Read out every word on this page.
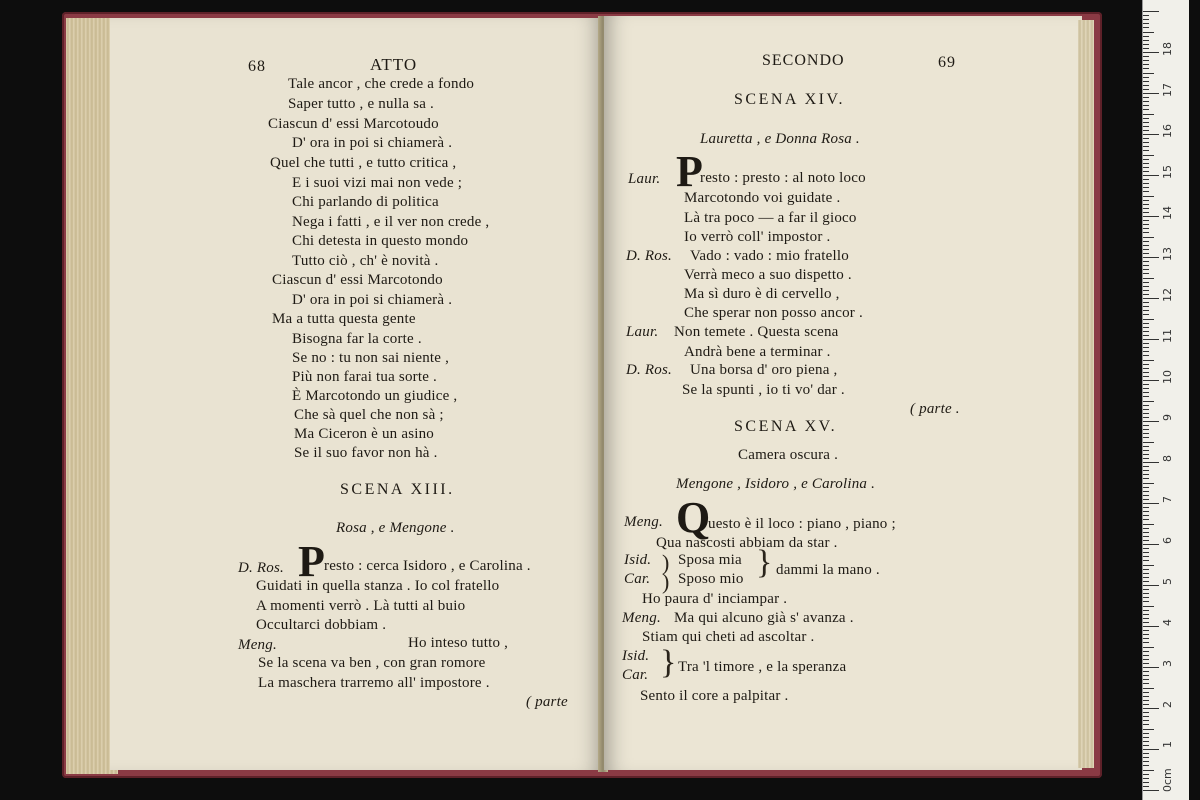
68	ATTO
Tale ancor , che crede a fondo
Saper tutto , e nulla sa .
Ciascun d' essi Marcotoudo
D' ora in poi si chiamerà .
Quel che tutti , e tutto critica ,
E i suoi vizi mai non vede ;
Chi parlando di politica
Nega i fatti , e il ver non crede ,
Chi detesta in questo mondo
Tutto ciò , ch' è novità .
Ciascun d' essi Marcotondo
D' ora in poi si chiamerà .
Ma a tutta questa gente
Bisogna far la corte .
Se no : tu non sai niente ,
Più non farai tua sorte .
È Marcotondo un giudice ,
Che sà quel che non sà ;
Ma Ciceron è un asino
Se il suo favor non hà .
SCENA XIII.
Rosa , e Mengone .
D. Ros. P resto : cerca Isidoro , e Carolina .
Guidati in quella stanza . Io col fratello
A momenti verrò . Là tutti al buio
Occultarci dobbiam .
Meng.	Ho inteso tutto ,
Se la scena va ben , con gran romore
La maschera trarremo all' impostore .
( parte
SECONDO	69
SCENA XIV.
Lauretta , e Donna Rosa .
Laur. P
resto : presto : al noto loco
Marcotondo voi guidate .
Là tra poco — a far il gioco
Io verrò coll' impostor .
D. Ros. Vado : vado : mio fratello
Verrà meco a suo dispetto .
Ma sì duro è di cervello ,
Che sperar non posso ancor .
Laur. Non temete . Questa scena
Andrà bene a terminar .
D. Ros. Una borsa d' oro piena ,
Se la spunti , io ti vo' dar .
( parte .
SCENA XV.
Camera oscura .
Mengone , Isidoro , e Carolina .
Meng. Q
uesto è il loco : piano , piano ;
Qua nascosti abbiam da star .
Isid. ) Sposa mia
Car. ) Sposo mio } dammi la mano .
Ho paura d' inciampar .
Meng. Ma qui alcuno già s' avanza .
Stiam qui cheti ad ascoltar .
Isid.
Car. } Tra 'l timore , e la speranza
Sento il core a palpitar .
0cm
1
2
3
4
5
6
7
8
9
10
11
12
13
14
15
16
17
18
